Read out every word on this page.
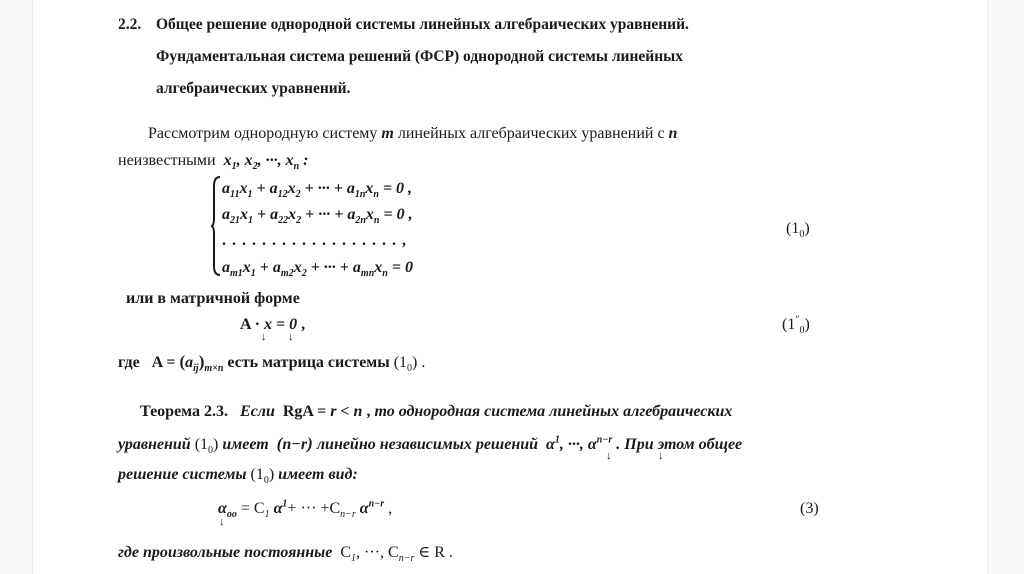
2.2. Общее решение однородной системы линейных алгебраических уравнений.
Фундаментальная система решений (ФСР) однородной системы линейных
алгебраических уравнений.
Рассмотрим однородную систему m линейных алгебраических уравнений с n
неизвестными  $x_1$, $x_2$, ···, $x_n$ :
$a_{11}x_1 + a_{12}x_2$ + ··· + $a_{1n}x_n = 0$ ,
$a_{21}x_1 + a_{22}x_2$ + ··· + $a_{2n}x_n = 0$ ,
. . . . . . . . . . . . . . . . . . ,
$a_{m1}x_1 + a_{m2}x_2$ + ··· + $a_{mn}x_n = 0$
$(1_0)$
или в матричной форме
A · x = 0 ,
↓ ↓
$(1''_0)$
где   $A = (a_{ij})_{m\times n}$ есть матрица системы $(1_0)$ .
Теорема 2.3. Если RgA = r < n , то однородная система линейных алгебраических
уравнений $(1_0)$ имеет (n−r) линейно независимых решений  $\alpha^1$, ···, $\alpha^{n-r}$ . При этом общее
↓	↓
решение системы $(1_0)$ имеет вид:
$\alpha_{oo} = C_1$ $\alpha^1+$ ··· $+C_{n-r}$ $\alpha^{n-r}$ ,
↓
(3)
где произвольные постоянные $C_1$, ···, $C_{n-r}$ ∈ R .
